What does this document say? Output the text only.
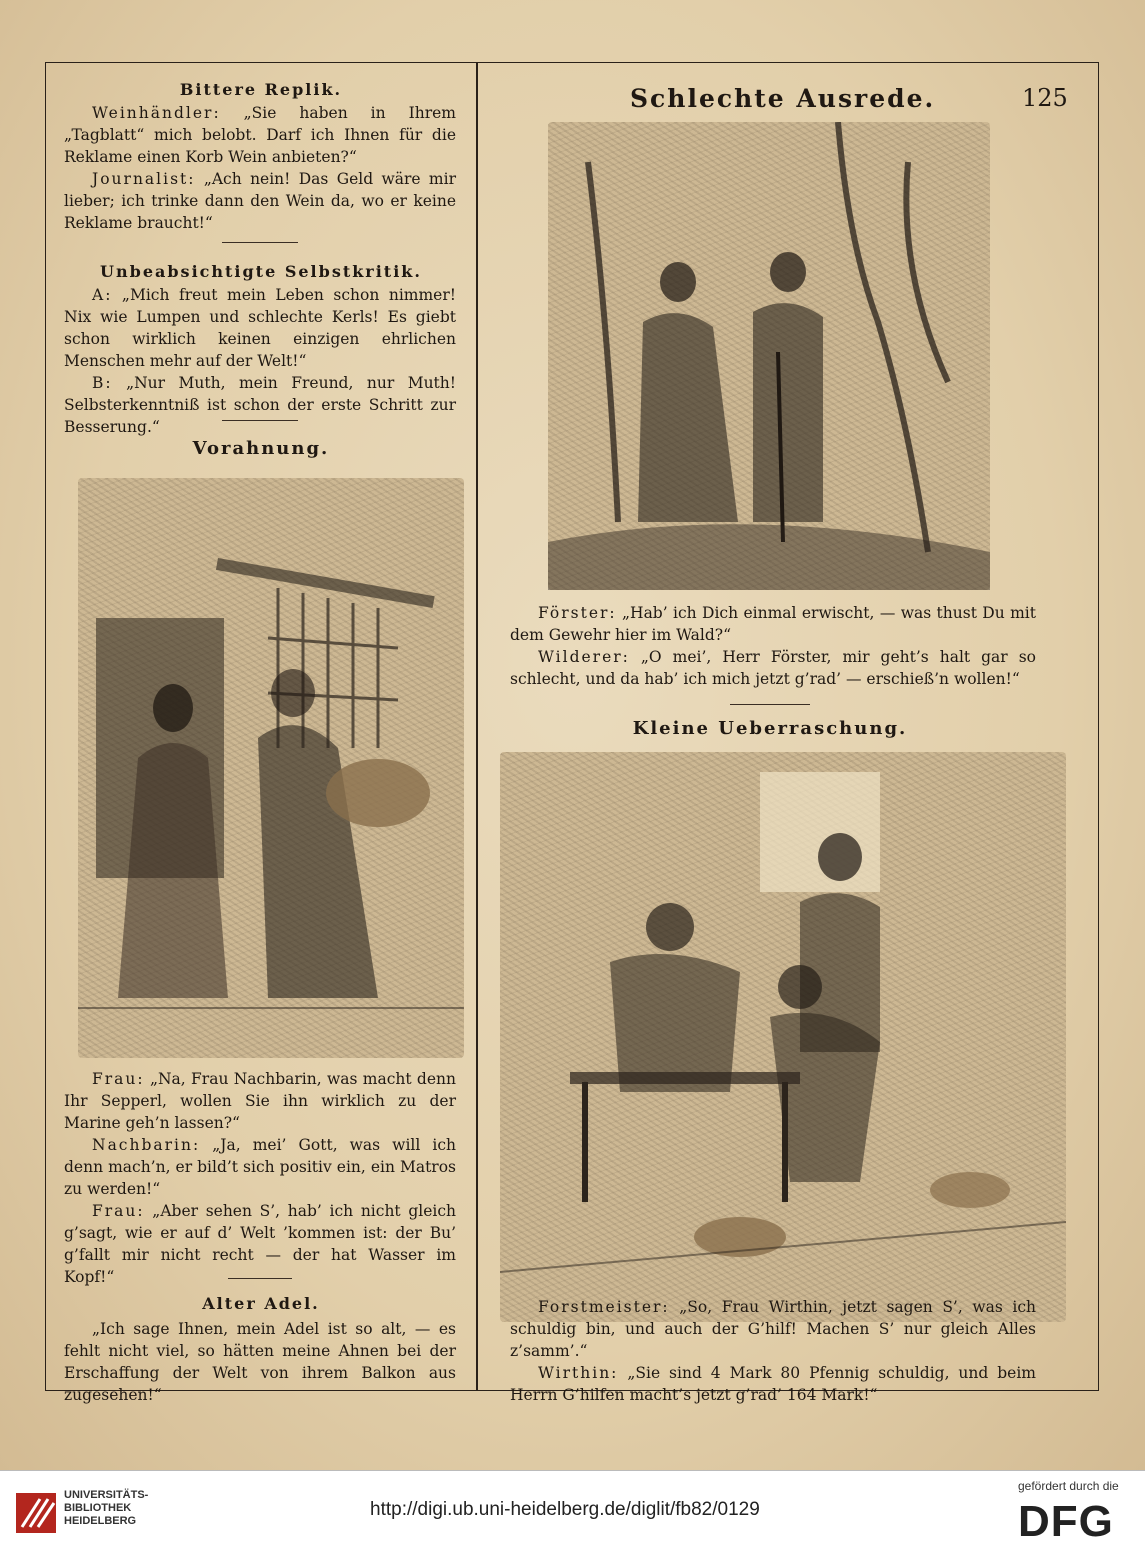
Schlechte Ausrede.	125
Bittere Replik.

Weinhändler: „Sie haben in Ihrem „Tagblatt“ mich belobt. Darf ich Ihnen für die Reklame einen Korb Wein anbieten?“

Journalist: „Ach nein! Das Geld wäre mir lieber; ich trinke dann den Wein da, wo er keine Reklame braucht!“

Unbeabsichtigte Selbstkritik.

A: „Mich freut mein Leben schon nimmer! Nix wie Lumpen und schlechte Kerls! Es giebt schon wirklich keinen einzigen ehrlichen Menschen mehr auf der Welt!“

B: „Nur Muth, mein Freund, nur Muth! Selbsterkenntniß ist schon der erste Schritt zur Besserung.“

Vorahnung.

Frau: „Na, Frau Nachbarin, was macht denn Ihr Sepperl, wollen Sie ihn wirklich zu der Marine geh’n lassen?“

Nachbarin: „Ja, mei’ Gott, was will ich denn mach’n, er bild’t sich positiv ein, ein Matros zu werden!“

Frau: „Aber sehen S’, hab’ ich nicht gleich g’sagt, wie er auf d’ Welt ’kommen ist: der Bu’ g’fallt mir nicht recht — der hat Wasser im Kopf!“

Alter Adel.

„Ich sage Ihnen, mein Adel ist so alt, — es fehlt nicht viel, so hätten meine Ahnen bei der Erschaffung der Welt von ihrem Balkon aus zugesehen!“

Förster: „Hab’ ich Dich einmal erwischt, — was thust Du mit dem Gewehr hier im Wald?“

Wilderer: „O mei’, Herr Förster, mir geht’s halt gar so schlecht, und da hab’ ich mich jetzt g’rad’ — erschieß’n wollen!“

Kleine Ueberraschung.

Forstmeister: „So, Frau Wirthin, jetzt sagen S’, was ich schuldig bin, und auch der G’hilf! Machen S’ nur gleich Alles z’samm’.“

Wirthin: „Sie sind 4 Mark 80 Pfennig schuldig, und beim Herrn G’hilfen macht’s jetzt g’rad’ 164 Mark!“

UNIVERSITÄTS-
BIBLIOTHEK
HEIDELBERG
http://digi.ub.uni-heidelberg.de/diglit/fb82/0129
gefördert durch die
DFG
